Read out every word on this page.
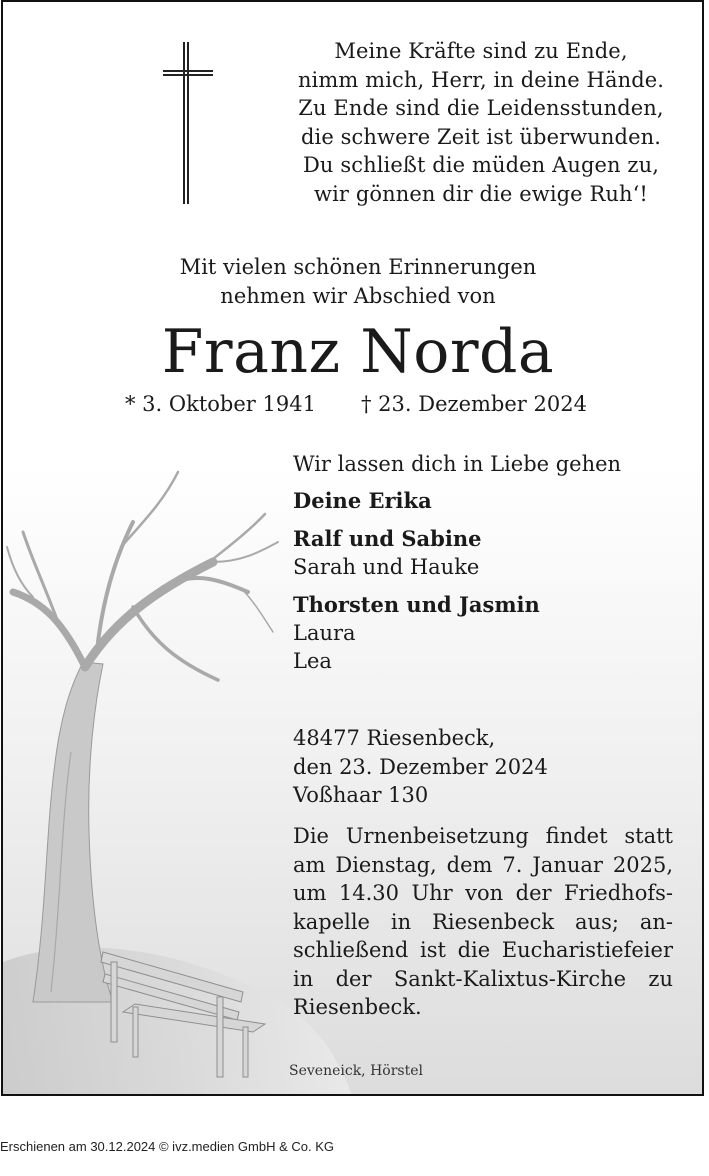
Meine Kräfte sind zu Ende,
nimm mich, Herr, in deine Hände.
Zu Ende sind die Leidensstunden,
die schwere Zeit ist überwunden.
Du schließt die müden Augen zu,
wir gönnen dir die ewige Ruh‘!
Mit vielen schönen Erinnerungen
nehmen wir Abschied von
Franz Norda
* 3. Oktober 1941 † 23. Dezember 2024
Wir lassen dich in Liebe gehen
Deine Erika
Ralf und Sabine
Sarah und Hauke
Thorsten und Jasmin
Laura
Lea
48477 Riesenbeck,
den 23. Dezember 2024
Voßhaar 130
Die Urnenbeisetzung findet statt
am Dienstag, dem 7. Januar 2025,
um 14.30 Uhr von der Friedhofs-
kapelle in Riesenbeck aus; an-
schließend ist die Eucharistiefeier
in der Sankt-Kalixtus-Kirche zu
Riesenbeck.
Seveneick, Hörstel
Erschienen am 30.12.2024 © ivz.medien GmbH & Co. KG
